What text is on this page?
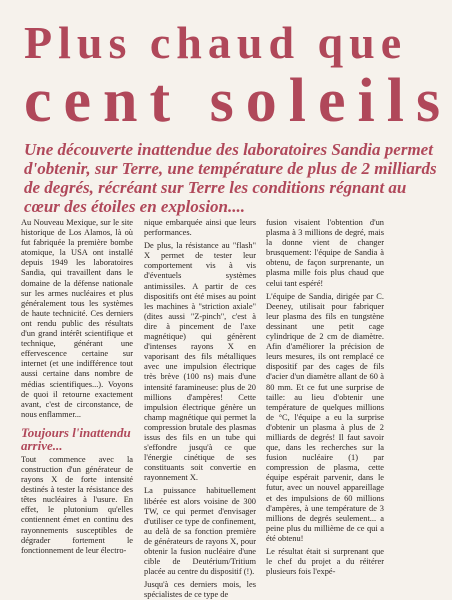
Plus chaud que
cent soleils
Une découverte inattendue des laboratoires Sandia permet d'obtenir, sur Terre, une température de plus de 2 milliards de degrés, récréant sur Terre les conditions régnant au cœur des étoiles en explosion....

Au Nouveau Mexique, sur le site historique de Los Alamos, là où fut fabriquée la première bombe atomique, la USA ont installé depuis 1949 les laboratoires Sandia, qui travaillent dans le domaine de la défense nationale sur les armes nucléaires et plus généralement tous les systèmes de haute technicité. Ces derniers ont rendu public des résultats d'un grand intérêt scientifique et technique, générant une effervescence certaine sur internet (et une indifférence tout aussi certaine dans nombre de médias scientifiques...). Voyons de quoi il retourne exactement avant, c'est de circonstance, de nous enflammer...

Toujours l'inattendu arrive...

Tout commence avec la construction d'un générateur de rayons X de forte intensité destinés à tester la résistance des têtes nucléaires à l'usure. En effet, le plutonium qu'elles contiennent émet en continu des rayonnements susceptibles de dégrader fortement le fonctionnement de leur électro-

nique embarquée ainsi que leurs performances.

De plus, la résistance au "flash" X permet de tester leur comportement vis à vis d'éventuels systèmes antimissiles. A partir de ces dispositifs ont été mises au point les machines à "striction axiale" (dites aussi "Z-pinch", c'est à dire à pincement de l'axe magnétique) qui génèrent d'intenses rayons X en vaporisant des fils métalliques avec une impulsion électrique très brève (100 ns) mais d'une intensité faramineuse: plus de 20 millions d'ampères! Cette impulsion électrique génère un champ magnétique qui permet la compression brutale des plasmas issus des fils en un tube qui s'effondre jusqu'à ce que l'énergie cinétique de ses constituants soit convertie en rayonnement X.

La puissance habituellement libérée est alors voisine de 300 TW, ce qui permet d'envisager d'utiliser ce type de confinement, au delà de sa fonction première de générateurs de rayons X, pour obtenir la fusion nucléaire d'une cible de Deutérium/Tritium placée au centre du dispositif (!).

Jusqu'à ces derniers mois, les spécialistes de ce type de

fusion visaient l'obtention d'un plasma à 3 millions de degré, mais la donne vient de changer brusquement: l'équipe de Sandia à obtenu, de façon surprenante, un plasma mille fois plus chaud que celui tant espéré!

L'équipe de Sandia, dirigée par C. Deeney, utilisait pour fabriquer leur plasma des fils en tungstène dessinant une petit cage cylindrique de 2 cm de diamètre. Afin d'améliorer la précision de leurs mesures, ils ont remplacé ce dispositif par des cages de fils d'acier d'un diamètre allant de 60 à 80 mm. Et ce fut une surprise de taille: au lieu d'obtenir une température de quelques millions de °C, l'équipe a eu la surprise d'obtenir un plasma à plus de 2 milliards de degrés! Il faut savoir que, dans les recherches sur la fusion nucléaire (1) par compression de plasma, cette équipe espérait parvenir, dans le futur, avec un nouvel appareillage et des impulsions de 60 millions d'ampères, à une température de 3 millions de degrés seulement... a peine plus du millième de ce qui a été obtenu!

Le résultat était si surprenant que le chef du projet a du réitérer plusieurs fois l'expé-
